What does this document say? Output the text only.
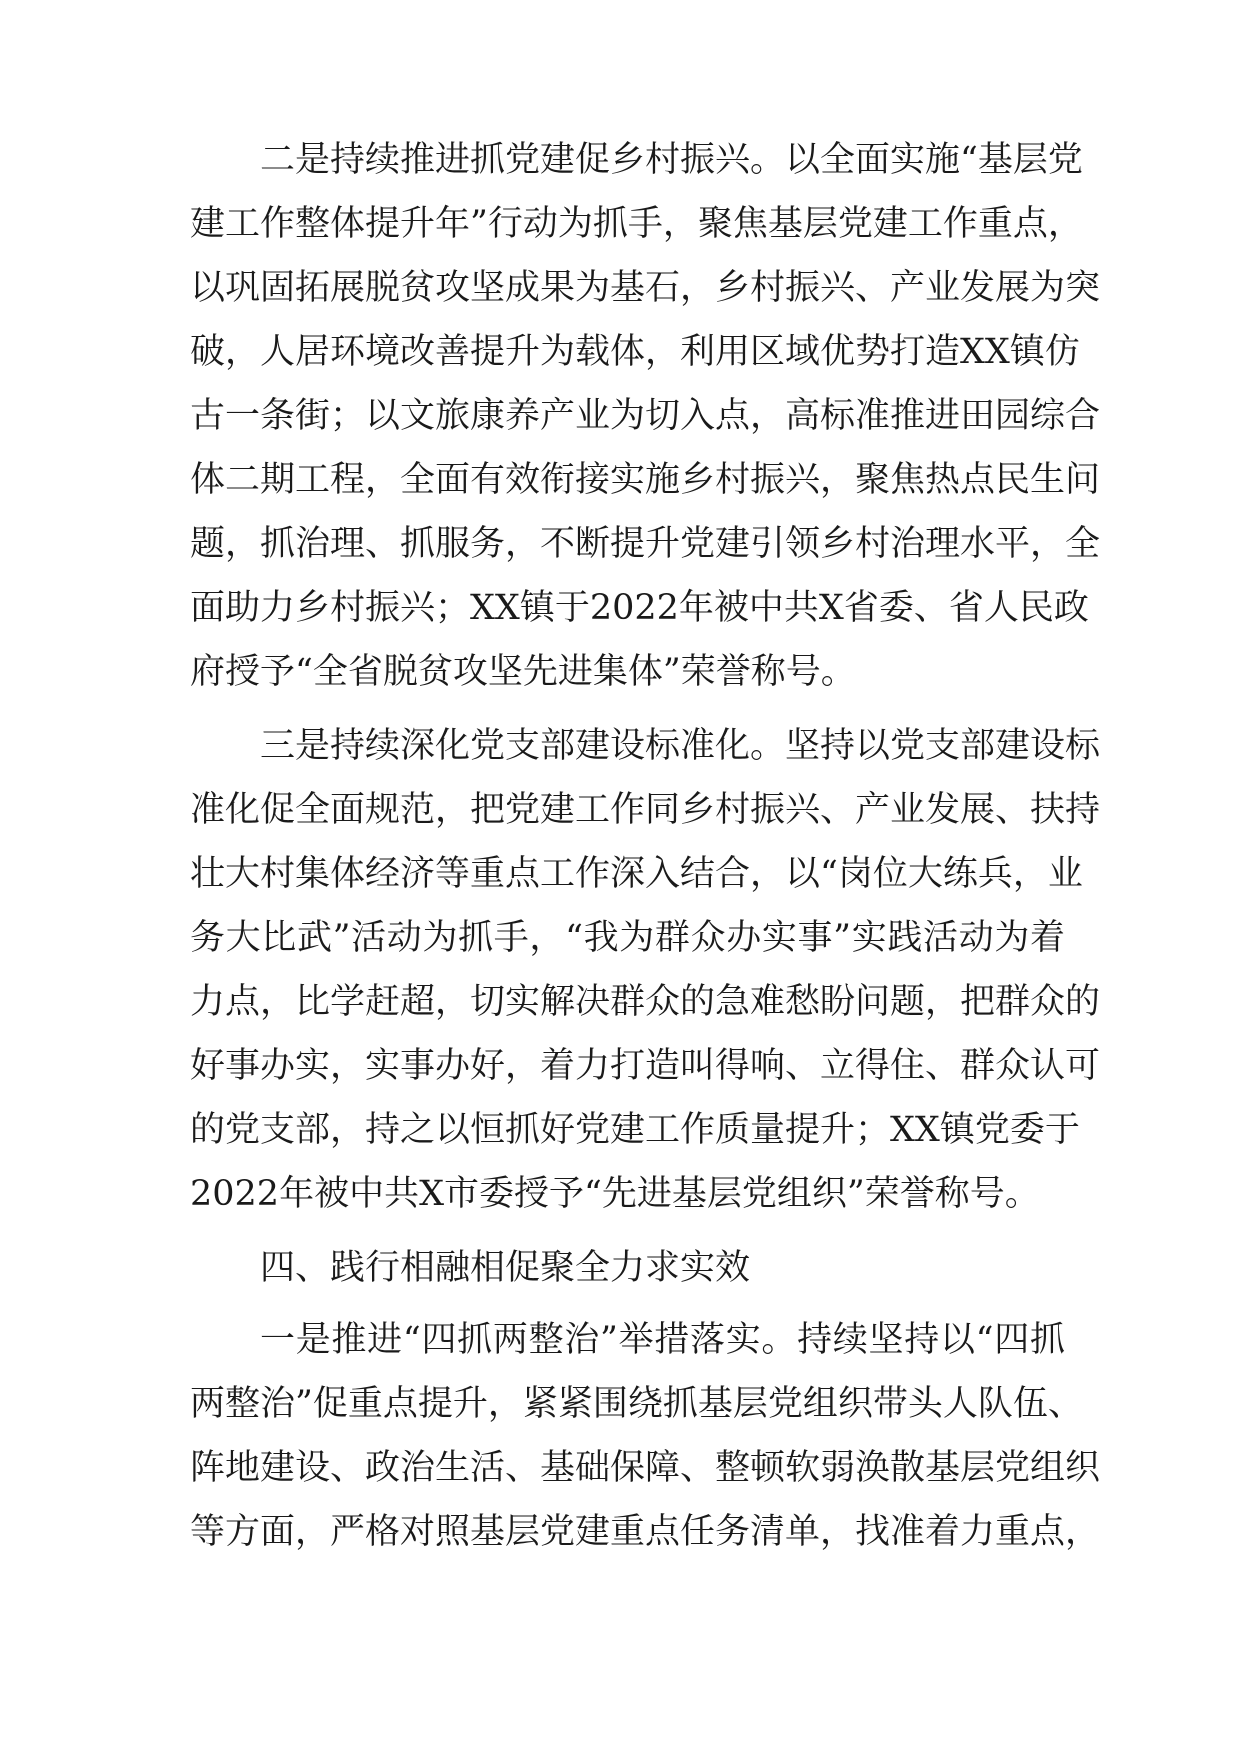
二是持续推进抓党建促乡村振兴。以全面实施“基层党
建工作整体提升年”行动为抓手，聚焦基层党建工作重点，
以巩固拓展脱贫攻坚成果为基石，乡村振兴、产业发展为突
破，人居环境改善提升为载体，利用区域优势打造XX镇仿
古一条街；以文旅康养产业为切入点，高标准推进田园综合
体二期工程，全面有效衔接实施乡村振兴，聚焦热点民生问
题，抓治理、抓服务，不断提升党建引领乡村治理水平，全
面助力乡村振兴；XX镇于2022年被中共X省委、省人民政
府授予“全省脱贫攻坚先进集体”荣誉称号。
三是持续深化党支部建设标准化。坚持以党支部建设标
准化促全面规范，把党建工作同乡村振兴、产业发展、扶持
壮大村集体经济等重点工作深入结合，以“岗位大练兵，业
务大比武”活动为抓手，“我为群众办实事”实践活动为着
力点，比学赶超，切实解决群众的急难愁盼问题，把群众的
好事办实，实事办好，着力打造叫得响、立得住、群众认可
的党支部，持之以恒抓好党建工作质量提升；XX镇党委于
2022年被中共X市委授予“先进基层党组织”荣誉称号。
四、践行相融相促聚全力求实效
一是推进“四抓两整治”举措落实。持续坚持以“四抓
两整治”促重点提升，紧紧围绕抓基层党组织带头人队伍、
阵地建设、政治生活、基础保障、整顿软弱涣散基层党组织
等方面，严格对照基层党建重点任务清单，找准着力重点，
